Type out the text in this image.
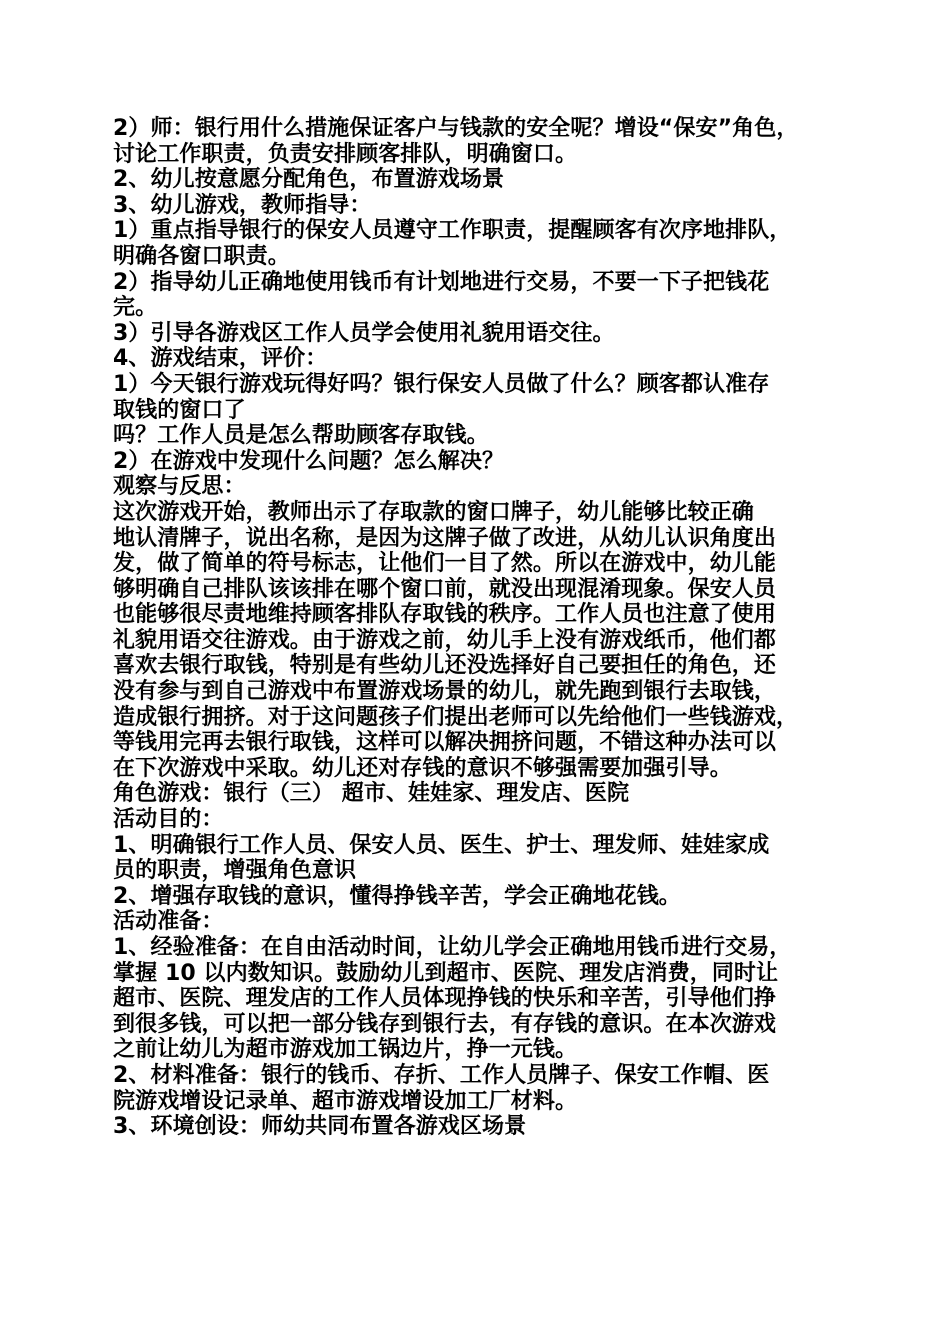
2）师：银行用什么措施保证客户与钱款的安全呢？增设“保安”角色，
讨论工作职责，负责安排顾客排队，明确窗口。
2、幼儿按意愿分配角色，布置游戏场景
3、幼儿游戏，教师指导：
1）重点指导银行的保安人员遵守工作职责，提醒顾客有次序地排队，
明确各窗口职责。
2）指导幼儿正确地使用钱币有计划地进行交易，不要一下子把钱花
完。
3）引导各游戏区工作人员学会使用礼貌用语交往。
4、游戏结束，评价：
1）今天银行游戏玩得好吗？银行保安人员做了什么？顾客都认准存
取钱的窗口了
吗？工作人员是怎么帮助顾客存取钱。
2）在游戏中发现什么问题？怎么解决？
观察与反思：
这次游戏开始，教师出示了存取款的窗口牌子，幼儿能够比较正确
地认清牌子，说出名称，是因为这牌子做了改进，从幼儿认识角度出
发，做了简单的符号标志，让他们一目了然。所以在游戏中，幼儿能
够明确自己排队该该排在哪个窗口前，就没出现混淆现象。保安人员
也能够很尽责地维持顾客排队存取钱的秩序。工作人员也注意了使用
礼貌用语交往游戏。由于游戏之前，幼儿手上没有游戏纸币，他们都
喜欢去银行取钱，特别是有些幼儿还没选择好自己要担任的角色，还
没有参与到自己游戏中布置游戏场景的幼儿，就先跑到银行去取钱，
造成银行拥挤。对于这问题孩子们提出老师可以先给他们一些钱游戏，
等钱用完再去银行取钱，这样可以解决拥挤问题，不错这种办法可以
在下次游戏中采取。幼儿还对存钱的意识不够强需要加强引导。
角色游戏：银行（三） 超市、娃娃家、理发店、医院
活动目的：
1、明确银行工作人员、保安人员、医生、护士、理发师、娃娃家成
员的职责，增强角色意识
2、增强存取钱的意识，懂得挣钱辛苦，学会正确地花钱。
活动准备：
1、经验准备：在自由活动时间，让幼儿学会正确地用钱币进行交易，
掌握 10 以内数知识。鼓励幼儿到超市、医院、理发店消费，同时让
超市、医院、理发店的工作人员体现挣钱的快乐和辛苦，引导他们挣
到很多钱，可以把一部分钱存到银行去，有存钱的意识。在本次游戏
之前让幼儿为超市游戏加工锅边片，挣一元钱。
2、材料准备：银行的钱币、存折、工作人员牌子、保安工作帽、医
院游戏增设记录单、超市游戏增设加工厂材料。
3、环境创设：师幼共同布置各游戏区场景
